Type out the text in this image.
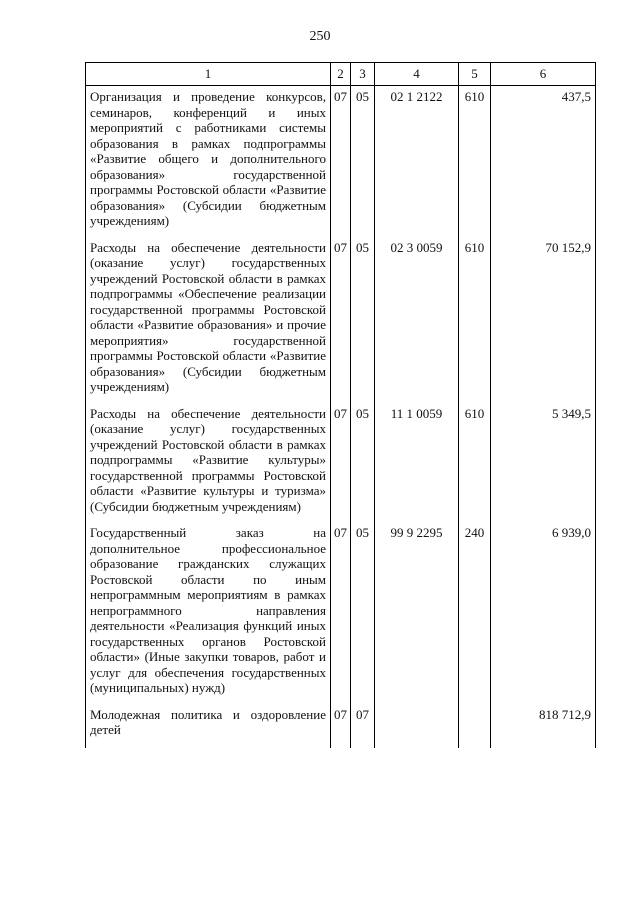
250
1	2	3	4	5	6
Организация и проведение конкурсов, семинаров, конференций и иных мероприятий с работниками системы образования в рамках подпрограммы «Развитие общего и дополнительного образования» государственной программы Ростовской области «Развитие образования» (Субсидии бюджетным учреждениям)	07	05	02 1 2122	610	437,5
Расходы на обеспечение деятельности (оказание услуг) государственных учреждений Ростовской области в рамках подпрограммы «Обеспечение реализации государственной программы Ростовской области «Развитие образования» и прочие мероприятия» государственной программы Ростовской области «Развитие образования» (Субсидии бюджетным учреждениям)	07	05	02 3 0059	610	70 152,9
Расходы на обеспечение деятельности (оказание услуг) государственных учреждений Ростовской области в рамках подпрограммы «Развитие культуры» государственной программы Ростовской области «Развитие культуры и туризма» (Субсидии бюджетным учреждениям)	07	05	11 1 0059	610	5 349,5
Государственный заказ на дополнительное профессиональное образование гражданских служащих Ростовской области по иным непрограммным мероприятиям в рамках непрограммного направления деятельности «Реализация функций иных государственных органов Ростовской области» (Иные закупки товаров, работ и услуг для обеспечения государственных (муниципальных) нужд)	07	05	99 9 2295	240	6 939,0
Молодежная политика и оздоровление детей	07	07			818 712,9
